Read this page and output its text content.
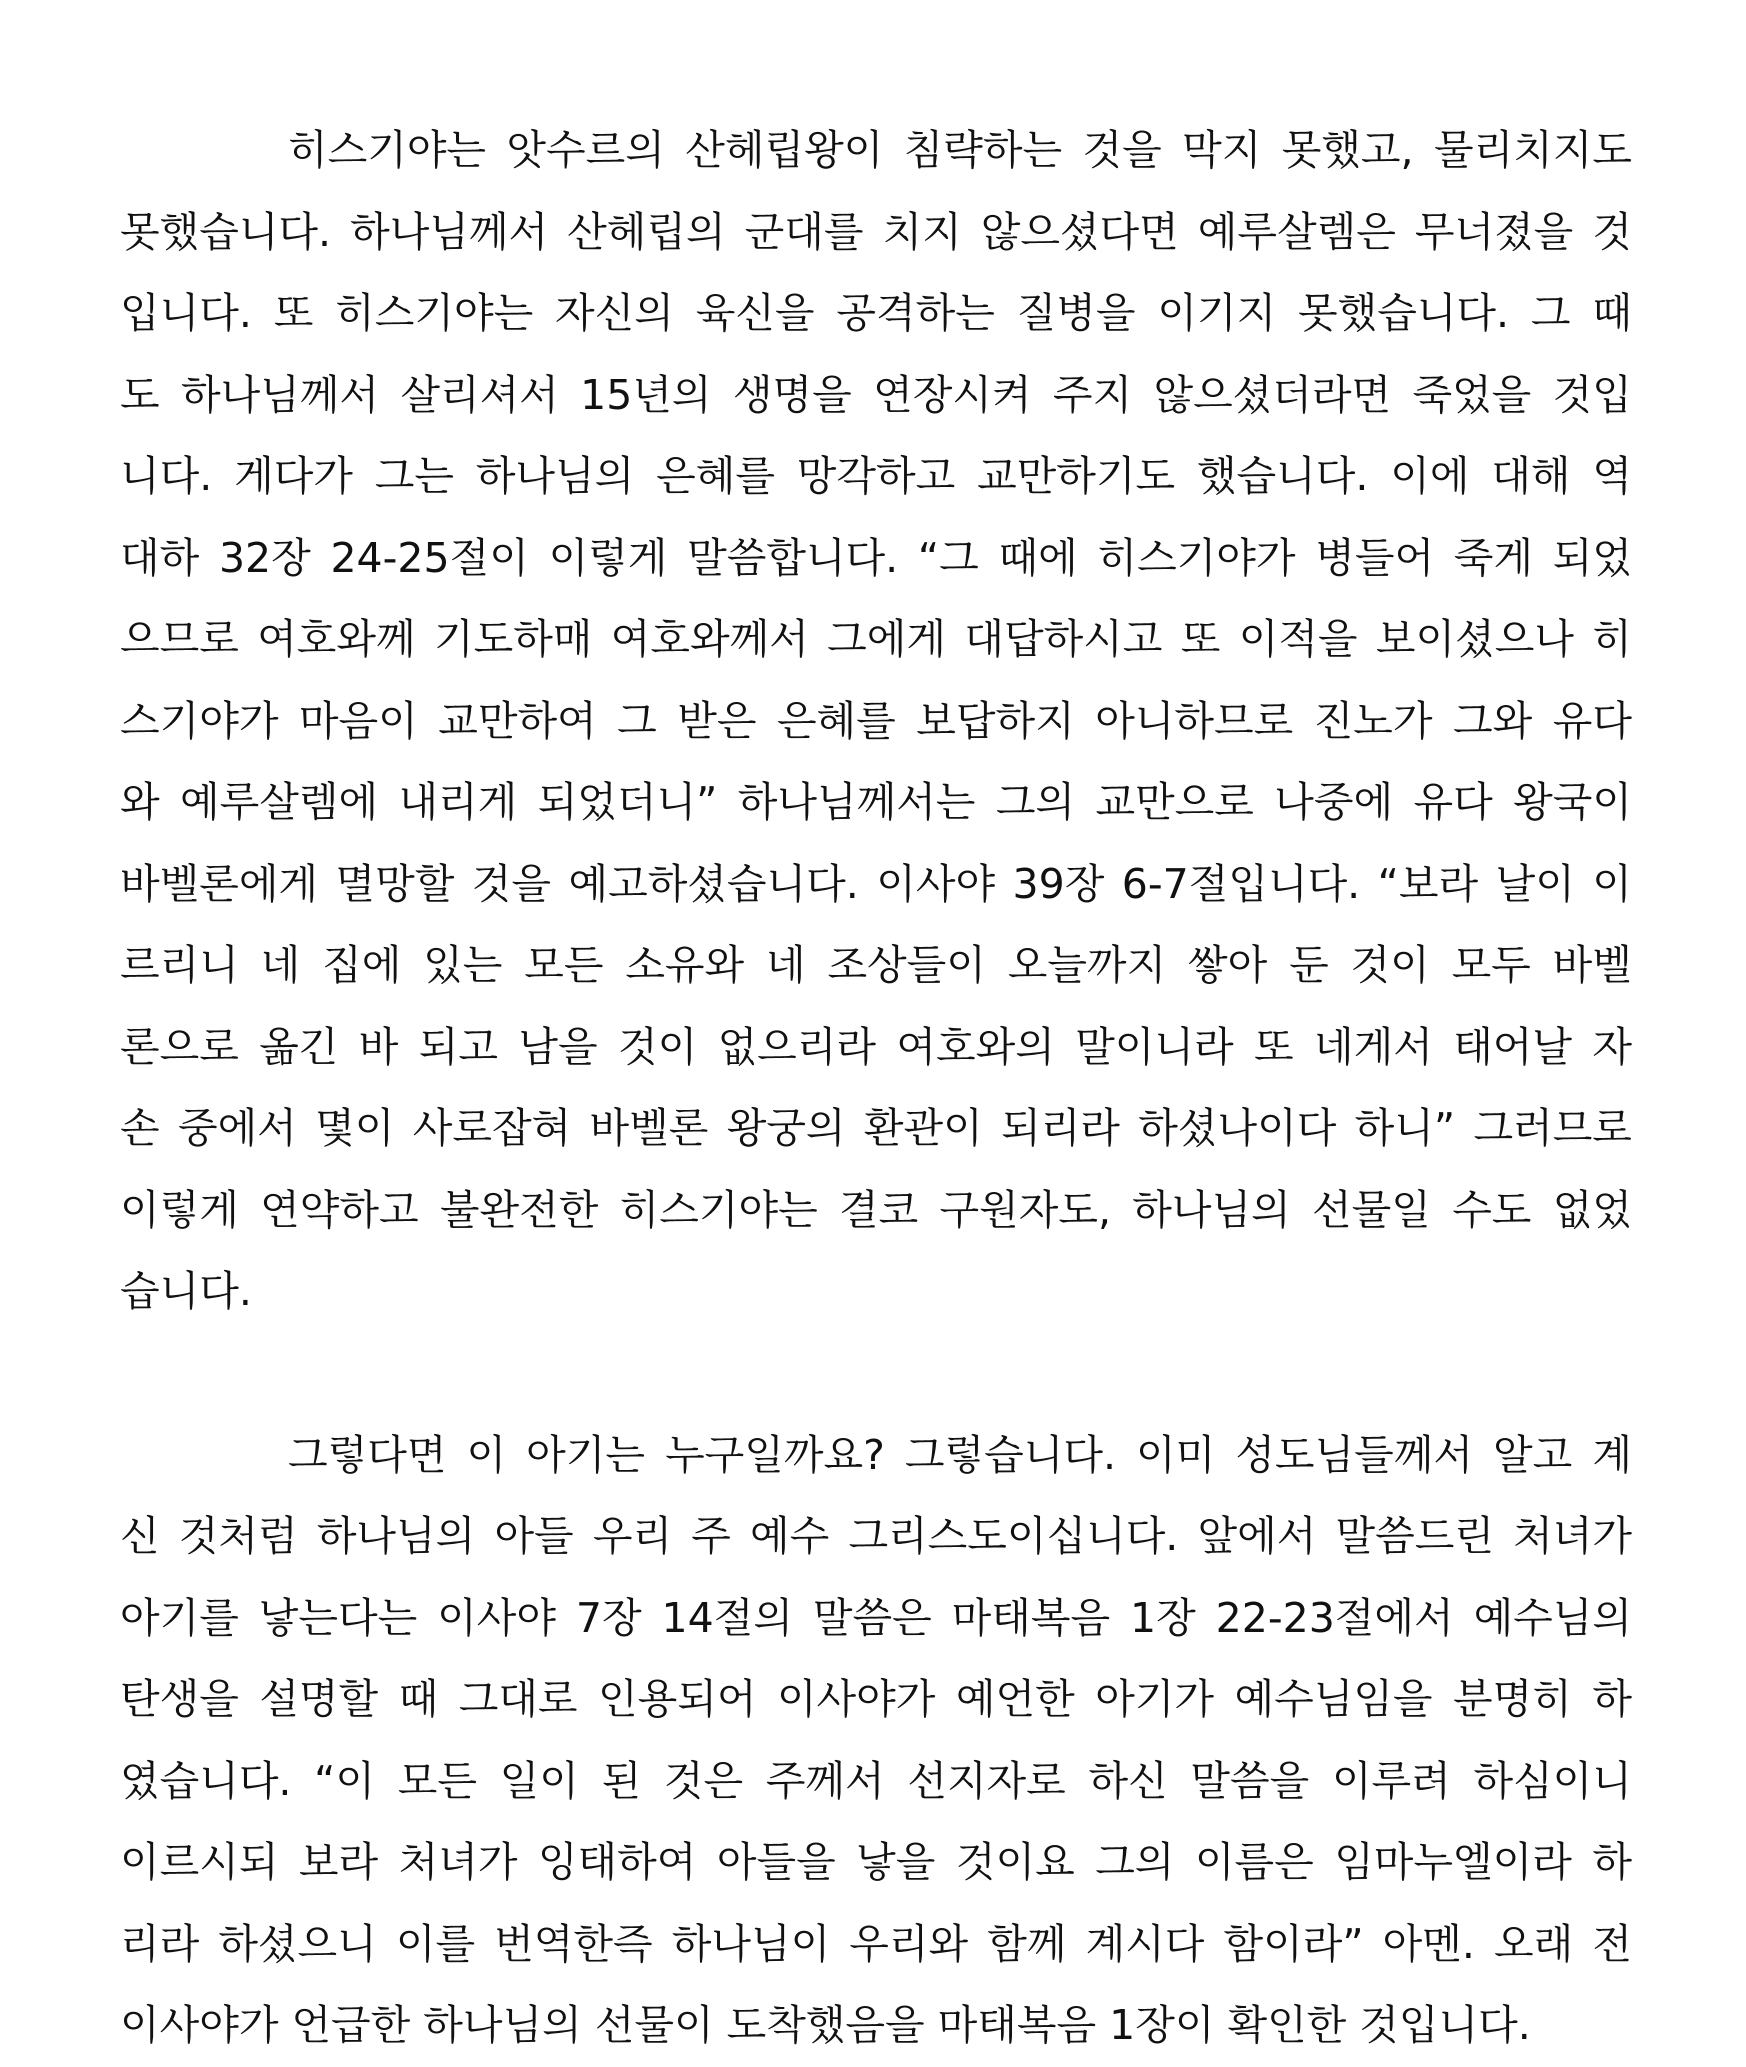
히스기야는 앗수르의 산헤립왕이 침략하는 것을 막지 못했고, 물리치지도
못했습니다. 하나님께서 산헤립의 군대를 치지 않으셨다면 예루살렘은 무너졌을 것
입니다. 또 히스기야는 자신의 육신을 공격하는 질병을 이기지 못했습니다. 그 때
도 하나님께서 살리셔서 15년의 생명을 연장시켜 주지 않으셨더라면 죽었을 것입
니다. 게다가 그는 하나님의 은혜를 망각하고 교만하기도 했습니다. 이에 대해 역
대하 32장 24-25절이 이렇게 말씀합니다. “그 때에 히스기야가 병들어 죽게 되었
으므로 여호와께 기도하매 여호와께서 그에게 대답하시고 또 이적을 보이셨으나 히
스기야가 마음이 교만하여 그 받은 은혜를 보답하지 아니하므로 진노가 그와 유다
와 예루살렘에 내리게 되었더니” 하나님께서는 그의 교만으로 나중에 유다 왕국이
바벨론에게 멸망할 것을 예고하셨습니다. 이사야 39장 6-7절입니다. “보라 날이 이
르리니 네 집에 있는 모든 소유와 네 조상들이 오늘까지 쌓아 둔 것이 모두 바벨
론으로 옮긴 바 되고 남을 것이 없으리라 여호와의 말이니라 또 네게서 태어날 자
손 중에서 몇이 사로잡혀 바벨론 왕궁의 환관이 되리라 하셨나이다 하니” 그러므로
이렇게 연약하고 불완전한 히스기야는 결코 구원자도, 하나님의 선물일 수도 없었
습니다.
그렇다면 이 아기는 누구일까요? 그렇습니다. 이미 성도님들께서 알고 계
신 것처럼 하나님의 아들 우리 주 예수 그리스도이십니다. 앞에서 말씀드린 처녀가
아기를 낳는다는 이사야 7장 14절의 말씀은 마태복음 1장 22-23절에서 예수님의
탄생을 설명할 때 그대로 인용되어 이사야가 예언한 아기가 예수님임을 분명히 하
였습니다. “이 모든 일이 된 것은 주께서 선지자로 하신 말씀을 이루려 하심이니
이르시되 보라 처녀가 잉태하여 아들을 낳을 것이요 그의 이름은 임마누엘이라 하
리라 하셨으니 이를 번역한즉 하나님이 우리와 함께 계시다 함이라” 아멘. 오래 전
이사야가 언급한 하나님의 선물이 도착했음을 마태복음 1장이 확인한 것입니다.
